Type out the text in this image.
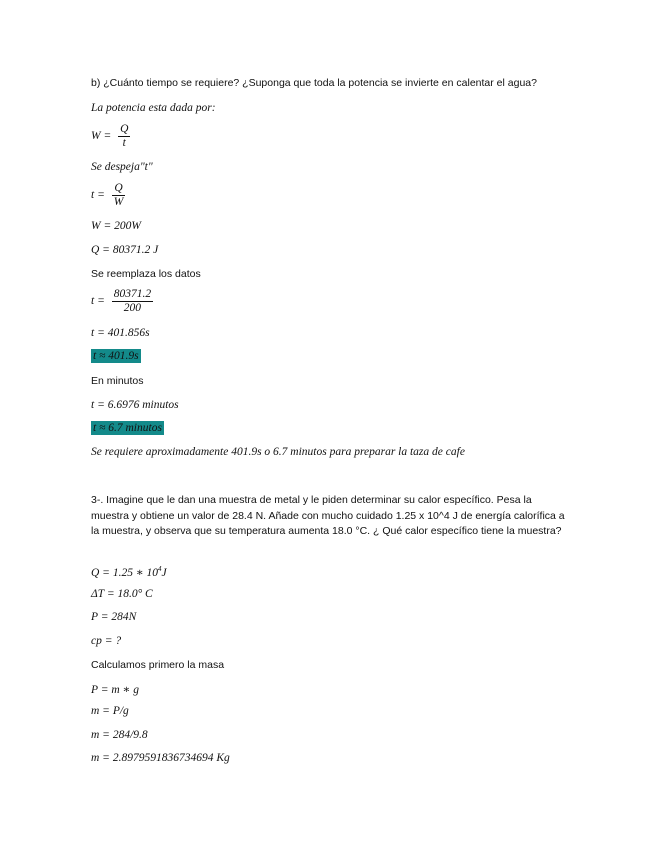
b) ¿Cuánto tiempo se requiere? ¿Suponga que toda la potencia se invierte en calentar el agua?
La potencia esta dada por:
$W = \frac{Q}{t}$
Se despeja"t"
$t = \frac{Q}{W}$
W = 200W
Q = 80371.2 J
Se reemplaza los datos
$t = \frac{80371.2}{200}$
t = 401.856s
t ≈ 401.9s
En minutos
t = 6.6976 minutos
t ≈ 6.7 minutos
Se requiere aproximadamente 401.9s o 6.7 minutos para preparar la taza de cafe
3-. Imagine que le dan una muestra de metal y le piden determinar su calor específico. Pesa la muestra y obtiene un valor de 28.4 N. Añade con mucho cuidado 1.25 x 10^4 J de energía calorífica a la muestra, y observa que su temperatura aumenta 18.0 °C. ¿ Qué calor específico tiene la muestra?
Q = 1.25 ∗ $10^4J$
ΔT = 18.0° C
P = 284N
cp = ?
Calculamos primero la masa
P = m ∗ g
m = P/g
m = 284/9.8
m = 2.8979591836734694 Kg
